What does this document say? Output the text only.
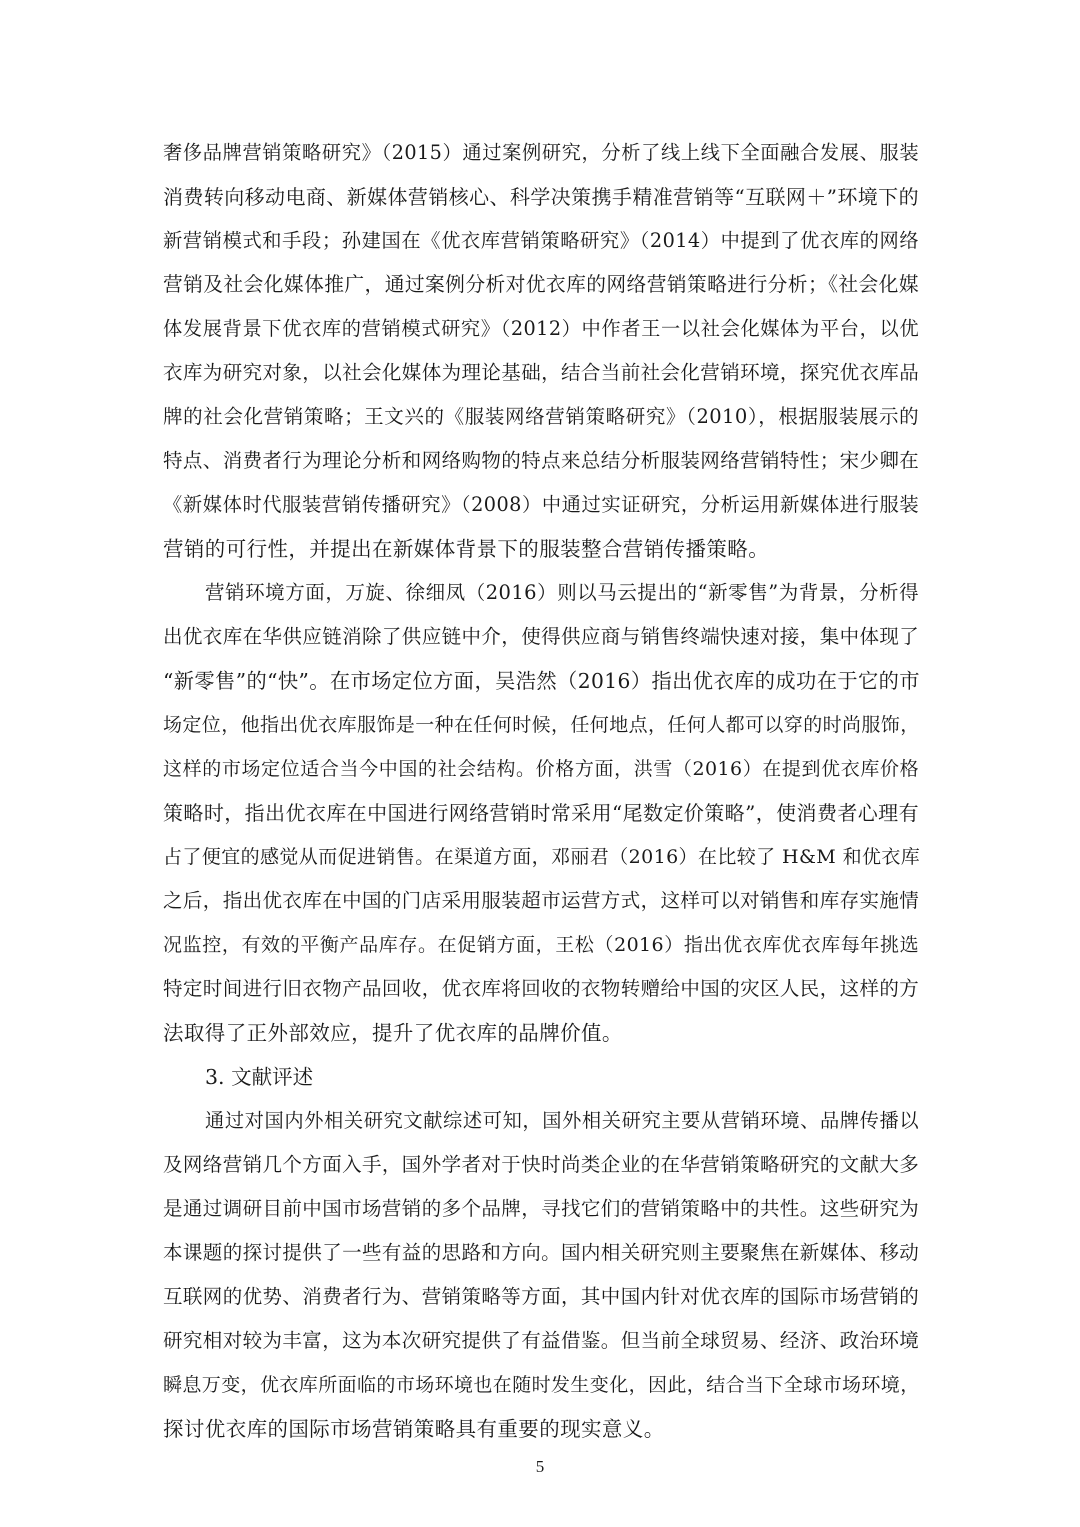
奢侈品牌营销策略研究》（2015）通过案例研究，分析了线上线下全面融合发展、服装
消费转向移动电商、新媒体营销核心、科学决策携手精准营销等“互联网＋”环境下的
新营销模式和手段；孙建国在《优衣库营销策略研究》（2014）中提到了优衣库的网络
营销及社会化媒体推广，通过案例分析对优衣库的网络营销策略进行分析；《社会化媒
体发展背景下优衣库的营销模式研究》（2012）中作者王一以社会化媒体为平台，以优
衣库为研究对象，以社会化媒体为理论基础，结合当前社会化营销环境，探究优衣库品
牌的社会化营销策略；王文兴的《服装网络营销策略研究》（2010），根据服装展示的
特点、消费者行为理论分析和网络购物的特点来总结分析服装网络营销特性；宋少卿在
《新媒体时代服装营销传播研究》（2008）中通过实证研究，分析运用新媒体进行服装
营销的可行性，并提出在新媒体背景下的服装整合营销传播策略。
营销环境方面，万旋、徐细凤（2016）则以马云提出的“新零售”为背景，分析得
出优衣库在华供应链消除了供应链中介，使得供应商与销售终端快速对接，集中体现了
“新零售”的“快”。在市场定位方面，吴浩然（2016）指出优衣库的成功在于它的市
场定位，他指出优衣库服饰是一种在任何时候，任何地点，任何人都可以穿的时尚服饰，
这样的市场定位适合当今中国的社会结构。价格方面，洪雪（2016）在提到优衣库价格
策略时，指出优衣库在中国进行网络营销时常采用“尾数定价策略”，使消费者心理有
占了便宜的感觉从而促进销售。在渠道方面，邓丽君（2016）在比较了 H&M 和优衣库
之后，指出优衣库在中国的门店采用服装超市运营方式，这样可以对销售和库存实施情
况监控，有效的平衡产品库存。在促销方面，王松（2016）指出优衣库优衣库每年挑选
特定时间进行旧衣物产品回收，优衣库将回收的衣物转赠给中国的灾区人民，这样的方
法取得了正外部效应，提升了优衣库的品牌价值。
3. 文献评述
通过对国内外相关研究文献综述可知，国外相关研究主要从营销环境、品牌传播以
及网络营销几个方面入手，国外学者对于快时尚类企业的在华营销策略研究的文献大多
是通过调研目前中国市场营销的多个品牌，寻找它们的营销策略中的共性。这些研究为
本课题的探讨提供了一些有益的思路和方向。国内相关研究则主要聚焦在新媒体、移动
互联网的优势、消费者行为、营销策略等方面，其中国内针对优衣库的国际市场营销的
研究相对较为丰富，这为本次研究提供了有益借鉴。但当前全球贸易、经济、政治环境
瞬息万变，优衣库所面临的市场环境也在随时发生变化，因此，结合当下全球市场环境，
探讨优衣库的国际市场营销策略具有重要的现实意义。
5
